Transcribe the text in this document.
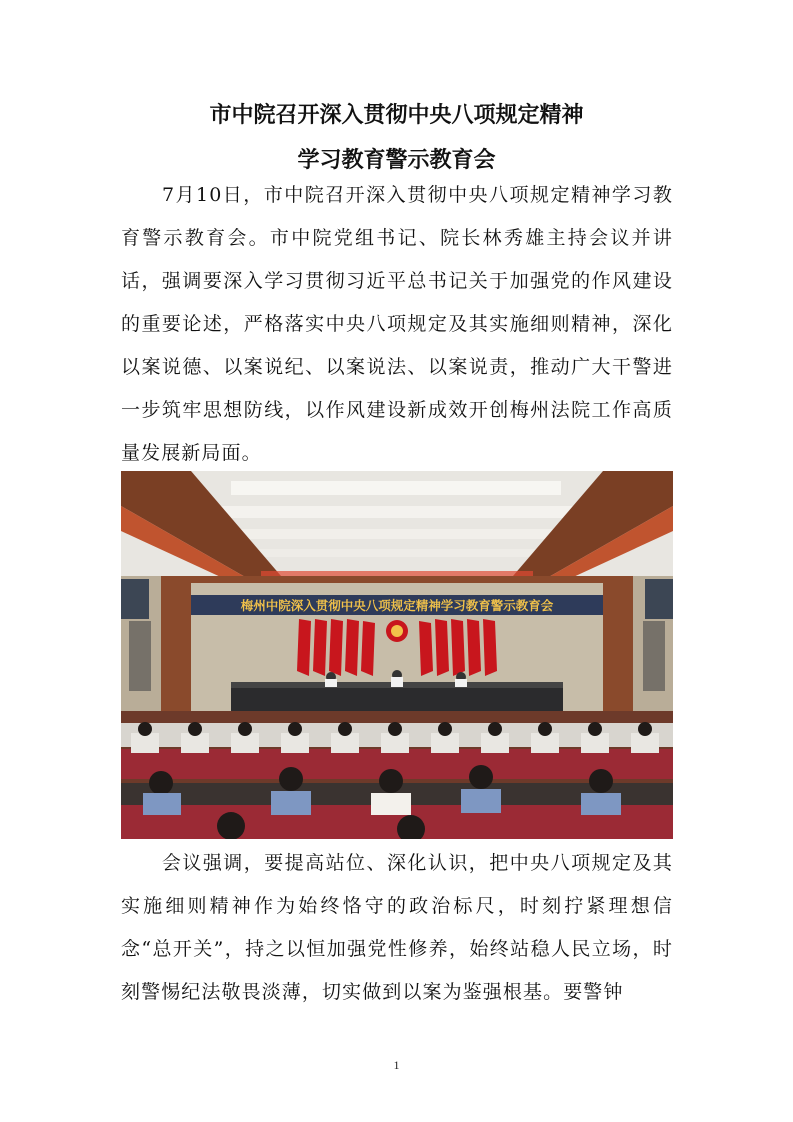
市中院召开深入贯彻中央八项规定精神
学习教育警示教育会
　　7月10日，市中院召开深入贯彻中央八项规定精神学习教育警示教育会。市中院党组书记、院长林秀雄主持会议并讲话，强调要深入学习贯彻习近平总书记关于加强党的作风建设的重要论述，严格落实中央八项规定及其实施细则精神，深化以案说德、以案说纪、以案说法、以案说责，推动广大干警进一步筑牢思想防线，以作风建设新成效开创梅州法院工作高质量发展新局面。
梅州中院深入贯彻中央八项规定精神学习教育警示教育会
　　会议强调，要提高站位、深化认识，把中央八项规定及其实施细则精神作为始终恪守的政治标尺，时刻拧紧理想信念“总开关”，持之以恒加强党性修养，始终站稳人民立场，时刻警惕纪法敬畏淡薄，切实做到以案为鉴强根基。要警钟
1
